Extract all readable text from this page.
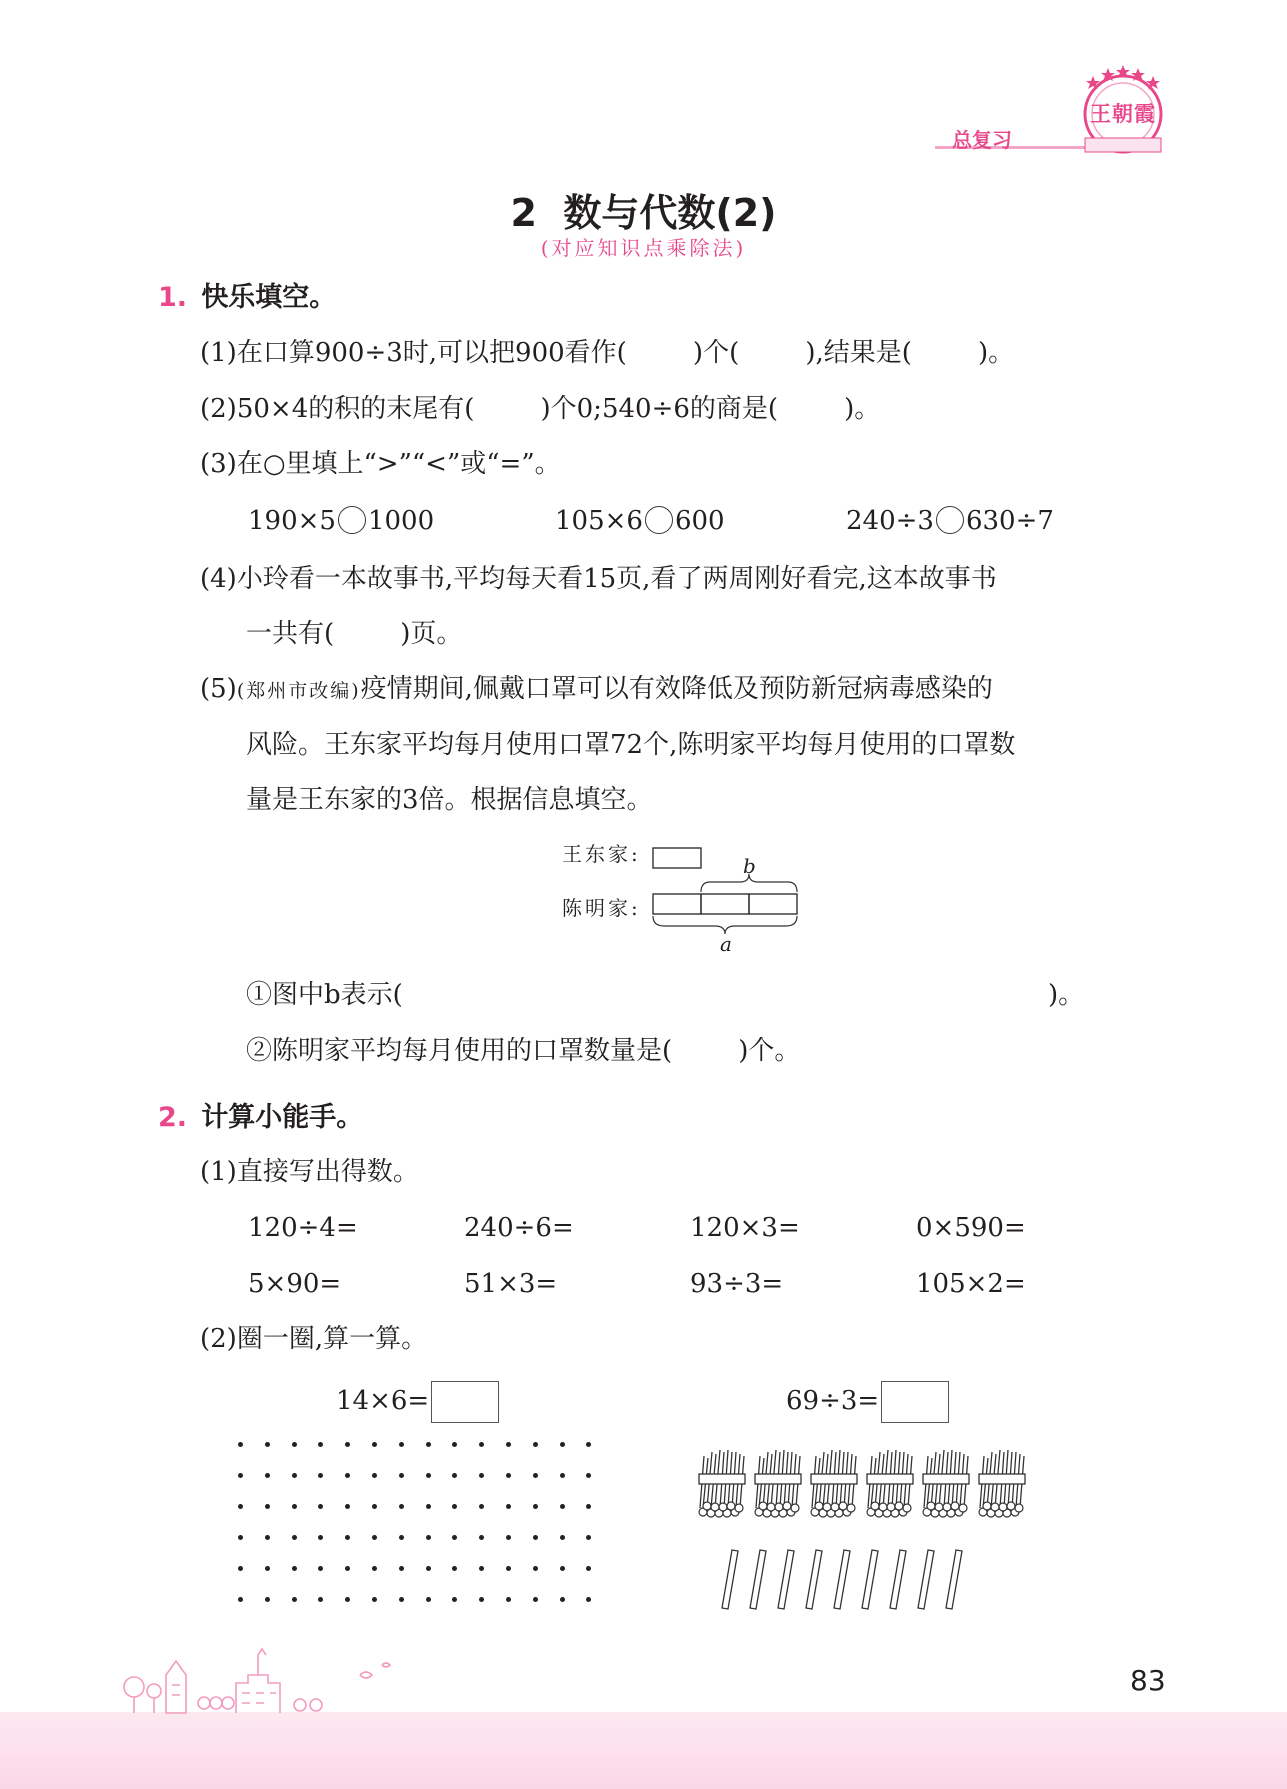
总复习
王朝霞
2  数与代数(2)
(对应知识点乘除法)
1. 快乐填空。
(1)在口算900÷3时,可以把900看作(        )个(        ),结果是(        )。
(2)50×4的积的末尾有(        )个0;540÷6的商是(        )。
(3)在○里填上“>”“<”或“=”。
190×5 1000	105×6 600	240÷3 630÷7
(4)小玲看一本故事书,平均每天看15页,看了两周刚好看完,这本故事书
一共有(        )页。
(5)(郑州市改编)疫情期间,佩戴口罩可以有效降低及预防新冠病毒感染的
风险。王东家平均每月使用口罩72个,陈明家平均每月使用的口罩数
量是王东家的3倍。根据信息填空。
王东家:
陈明家:
b
a
①图中b表示(	)。
②陈明家平均每月使用的口罩数量是(        )个。
2. 计算小能手。
(1)直接写出得数。
120÷4=	240÷6=	120×3=	0×590=
5×90=	51×3=	93÷3=	105×2=
(2)圈一圈,算一算。
14×6=	69÷3=
83
